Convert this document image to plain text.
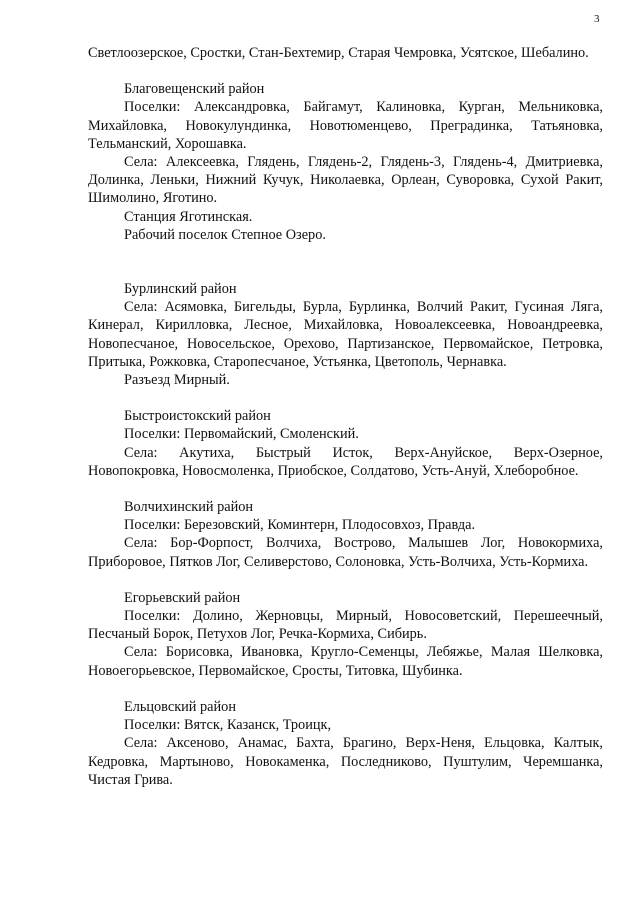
3

Светлоозерское, Сростки, Стан-Бехтемир, Старая Чемровка, Усятское, Шебалино.

Благовещенский район

Поселки: Александровка, Байгамут, Калиновка, Курган, Мельниковка, Михайловка, Новокулундинка, Новотюменцево, Преградинка, Татьяновка, Тельманский, Хорошавка.

Села: Алексеевка, Глядень, Глядень-2, Глядень-3, Глядень-4, Дмитриевка, Долинка, Леньки, Нижний Кучук, Николаевка, Орлеан, Суворовка, Сухой Ракит, Шимолино, Яготино.

Станция Яготинская.

Рабочий поселок Степное Озеро.

Бурлинский район

Села: Асямовка, Бигельды, Бурла, Бурлинка, Волчий Ракит, Гусиная Ляга, Кинерал, Кирилловка, Лесное, Михайловка, Новоалексеевка, Новоандреевка, Новопесчаное, Новосельское, Орехово, Партизанское, Первомайское, Петровка, Притыка, Рожковка, Старопесчаное, Устьянка, Цветополь, Чернавка.

Разъезд Мирный.

Быстроистокский район

Поселки: Первомайский, Смоленский.

Села: Акутиха, Быстрый Исток, Верх-Ануйское, Верх-Озерное, Новопокровка, Новосмоленка, Приобское, Солдатово, Усть-Ануй, Хлеборобное.

Волчихинский район

Поселки: Березовский, Коминтерн, Плодосовхоз, Правда.

Села: Бор-Форпост, Волчиха, Вострово, Малышев Лог, Новокормиха, Приборовое, Пятков Лог, Селиверстово, Солоновка, Усть-Волчиха, Усть-Кормиха.

Егорьевский район

Поселки: Долино, Жерновцы, Мирный, Новосоветский, Перешеечный, Песчаный Борок, Петухов Лог, Речка-Кормиха, Сибирь.

Села: Борисовка, Ивановка, Кругло-Семенцы, Лебяжье, Малая Шелковка, Новоегорьевское, Первомайское, Сросты, Титовка, Шубинка.

Ельцовский район

Поселки: Вятск, Казанск, Троицк,

Села: Аксеново, Анамас, Бахта, Брагино, Верх-Неня, Ельцовка, Калтык, Кедровка, Мартыново, Новокаменка, Последниково, Пуштулим, Черемшанка, Чистая Грива.
